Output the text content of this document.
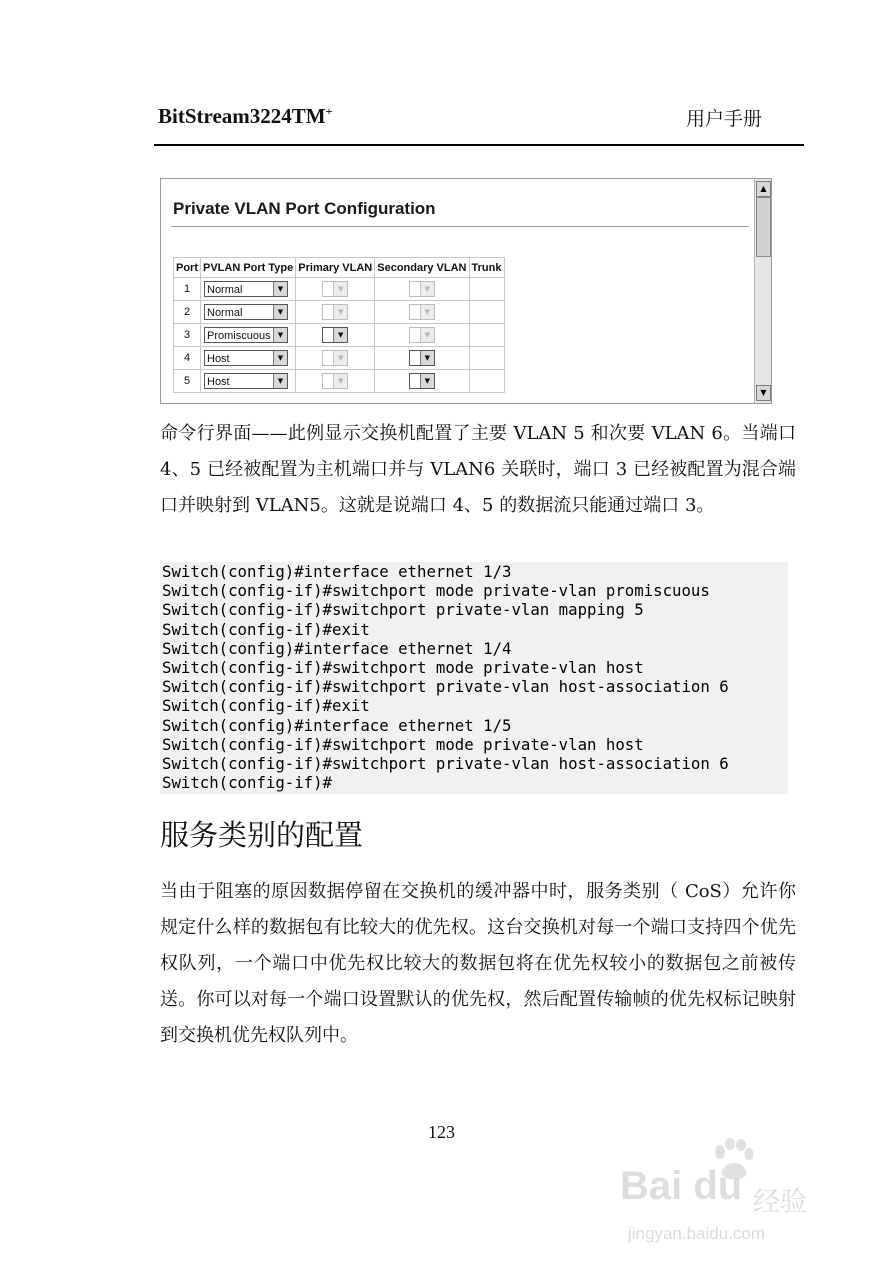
BitStream3224TM+	用户手册
Private VLAN Port Configuration
Port	PVLAN Port Type	Primary VLAN	Secondary VLAN	Trunk
1	Normal ▼	▼	▼	

2	Normal ▼	▼	▼	

3	Promiscuous ▼	▼	▼	

4	Host ▼	▼	▼	

5	Host ▼	▼	▼	

▲
▼
命令行界面——此例显示交换机配置了主要 VLAN 5 和次要 VLAN 6。当端口 4、5 已经被配置为主机端口并与 VLAN6 关联时，端口 3 已经被配置为混合端口并映射到 VLAN5。这就是说端口 4、5 的数据流只能通过端口 3。
Switch(config)#interface ethernet 1/3
Switch(config-if)#switchport mode private-vlan promiscuous
Switch(config-if)#switchport private-vlan mapping 5
Switch(config-if)#exit
Switch(config)#interface ethernet 1/4
Switch(config-if)#switchport mode private-vlan host
Switch(config-if)#switchport private-vlan host-association 6
Switch(config-if)#exit
Switch(config)#interface ethernet 1/5
Switch(config-if)#switchport mode private-vlan host
Switch(config-if)#switchport private-vlan host-association 6
Switch(config-if)#
服务类别的配置
当由于阻塞的原因数据停留在交换机的缓冲器中时，服务类别（ CoS）允许你规定什么样的数据包有比较大的优先权。这台交换机对每一个端口支持四个优先权队列，一个端口中优先权比较大的数据包将在优先权较小的数据包之前被传送。你可以对每一个端口设置默认的优先权，然后配置传输帧的优先权标记映射到交换机优先权队列中。
123
Bai du 经验
jingyan.baidu.com
